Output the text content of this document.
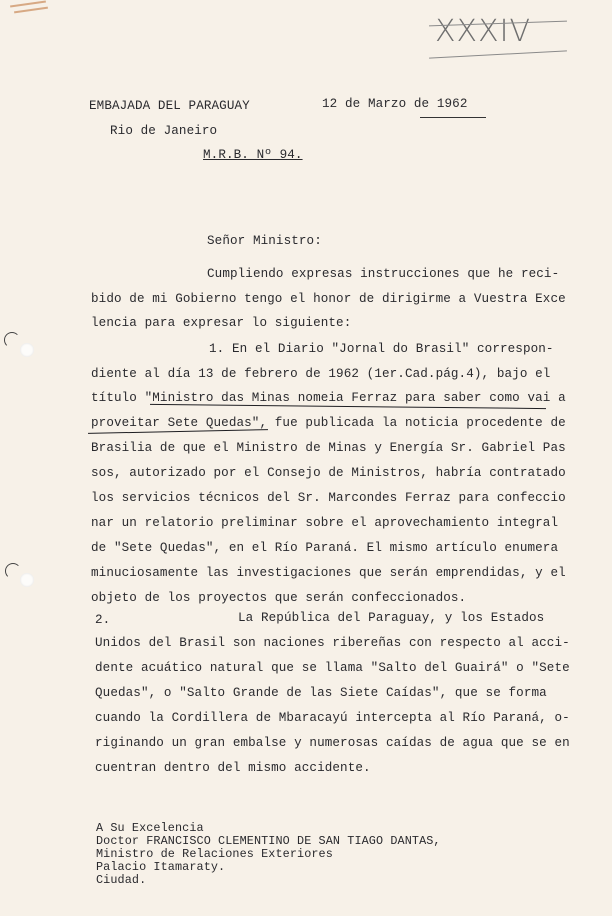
XXXIV
EMBAJADA DEL PARAGUAY	12 de Marzo de 1962
Rio de Janeiro
M.R.B. Nº 94.
Señor Ministro:
Cumpliendo expresas instrucciones que he reci-
bido de mi Gobierno tengo el honor de dirigirme a Vuestra Exce
lencia para expresar lo siguiente:
1. En el Diario "Jornal do Brasil" correspon-
diente al día 13 de febrero de 1962 (1er.Cad.pág.4), bajo el
título "Ministro das Minas nomeia Ferraz para saber como vai a
proveitar Sete Quedas", fue publicada la noticia procedente de
Brasilia de que el Ministro de Minas y Energía Sr. Gabriel Pas
sos, autorizado por el Consejo de Ministros, habría contratado
los servicios técnicos del Sr. Marcondes Ferraz para confeccio
nar un relatorio preliminar sobre el aprovechamiento integral
de "Sete Quedas", en el Río Paraná. El mismo artículo enumera
minuciosamente las investigaciones que serán emprendidas, y el
objeto de los proyectos que serán confeccionados.
2.	La República del Paraguay, y los Estados
Unidos del Brasil son naciones ribereñas con respecto al acci-
dente acuático natural que se llama "Salto del Guairá" o "Sete
Quedas", o "Salto Grande de las Siete Caídas", que se forma
cuando la Cordillera de Mbaracayú intercepta al Río Paraná, o-
riginando un gran embalse y numerosas caídas de agua que se en
cuentran dentro del mismo accidente.
A Su Excelencia
Doctor FRANCISCO CLEMENTINO DE SAN TIAGO DANTAS,
Ministro de Relaciones Exteriores
Palacio Itamaraty.
Ciudad.
